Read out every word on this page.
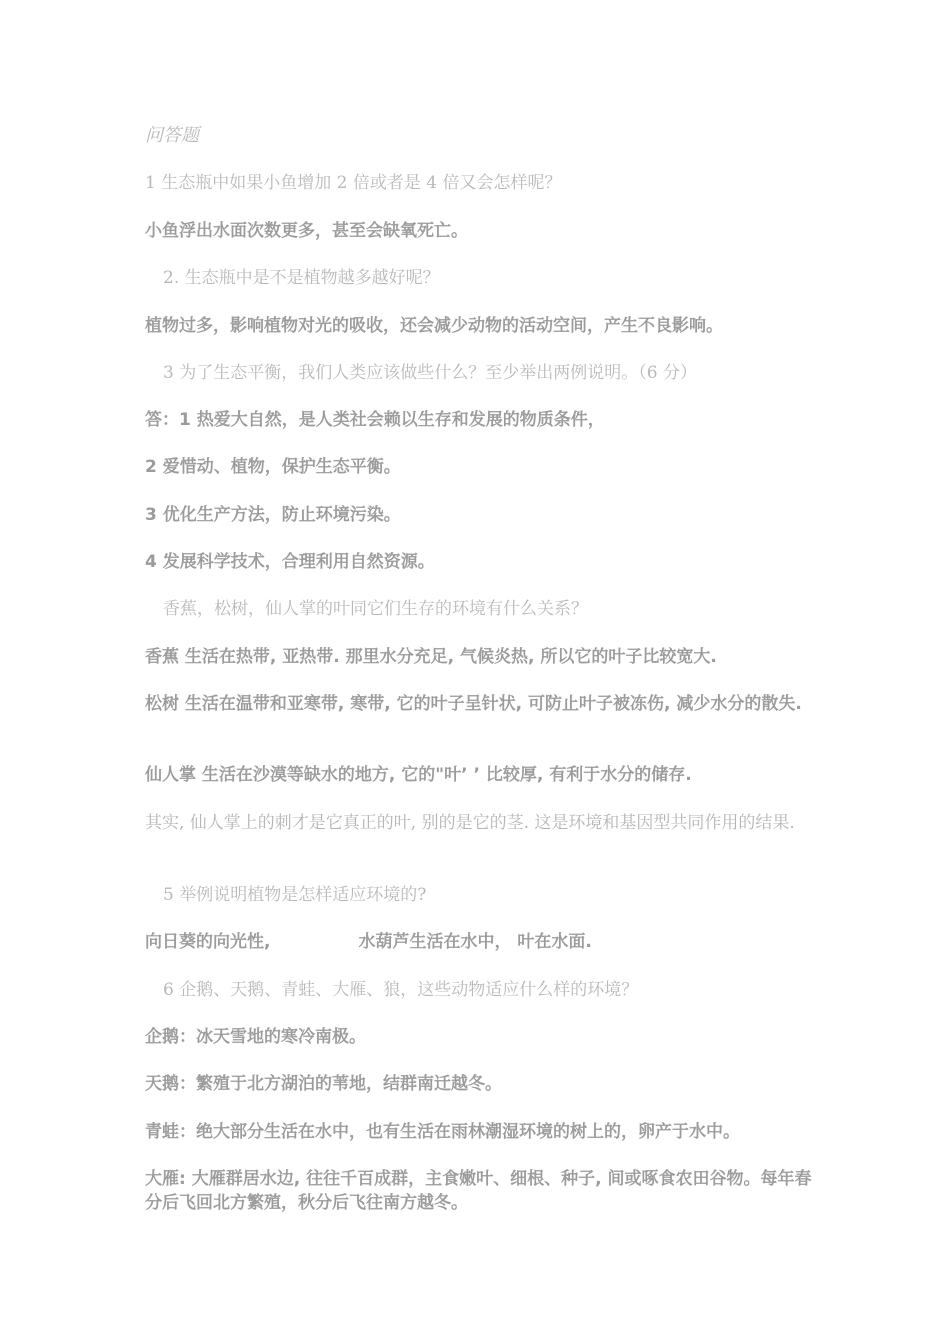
问答题

1 生态瓶中如果小鱼增加 2 倍或者是 4 倍又会怎样呢？

小鱼浮出水面次数更多，甚至会缺氧死亡。

2. 生态瓶中是不是植物越多越好呢？

植物过多，影响植物对光的吸收，还会减少动物的活动空间，产生不良影响。

3 为了生态平衡，我们人类应该做些什么？至少举出两例说明。（6 分）

答：1 热爱大自然，是人类社会赖以生存和发展的物质条件，

2 爱惜动、植物，保护生态平衡。

3 优化生产方法，防止环境污染。

4 发展科学技术，合理利用自然资源。

香蕉，松树，仙人掌的叶同它们生存的环境有什么关系？

香蕉 生活在热带, 亚热带. 那里水分充足, 气候炎热, 所以它的叶子比较宽大.

松树 生活在温带和亚寒带, 寒带, 它的叶子呈针状, 可防止叶子被冻伤, 减少水分的散失.

仙人掌 生活在沙漠等缺水的地方, 它的"叶’ ’ 比较厚, 有利于水分的储存.

其实, 仙人掌上的刺才是它真正的叶, 别的是它的茎. 这是环境和基因型共同作用的结果.

5 举例说明植物是怎样适应环境的?

向日葵的向光性,	水葫芦生活在水中， 叶在水面.

6 企鹅、天鹅、青蛙、大雁、狼，这些动物适应什么样的环境？

企鹅：冰天雪地的寒冷南极。

天鹅：繁殖于北方湖泊的苇地，结群南迁越冬。

青蛙：绝大部分生活在水中，也有生活在雨林潮湿环境的树上的，卵产于水中。

大雁: 大雁群居水边, 往往千百成群，主食嫩叶、细根、种子, 间或啄食农田谷物。每年春分后飞回北方繁殖，秋分后飞往南方越冬。
